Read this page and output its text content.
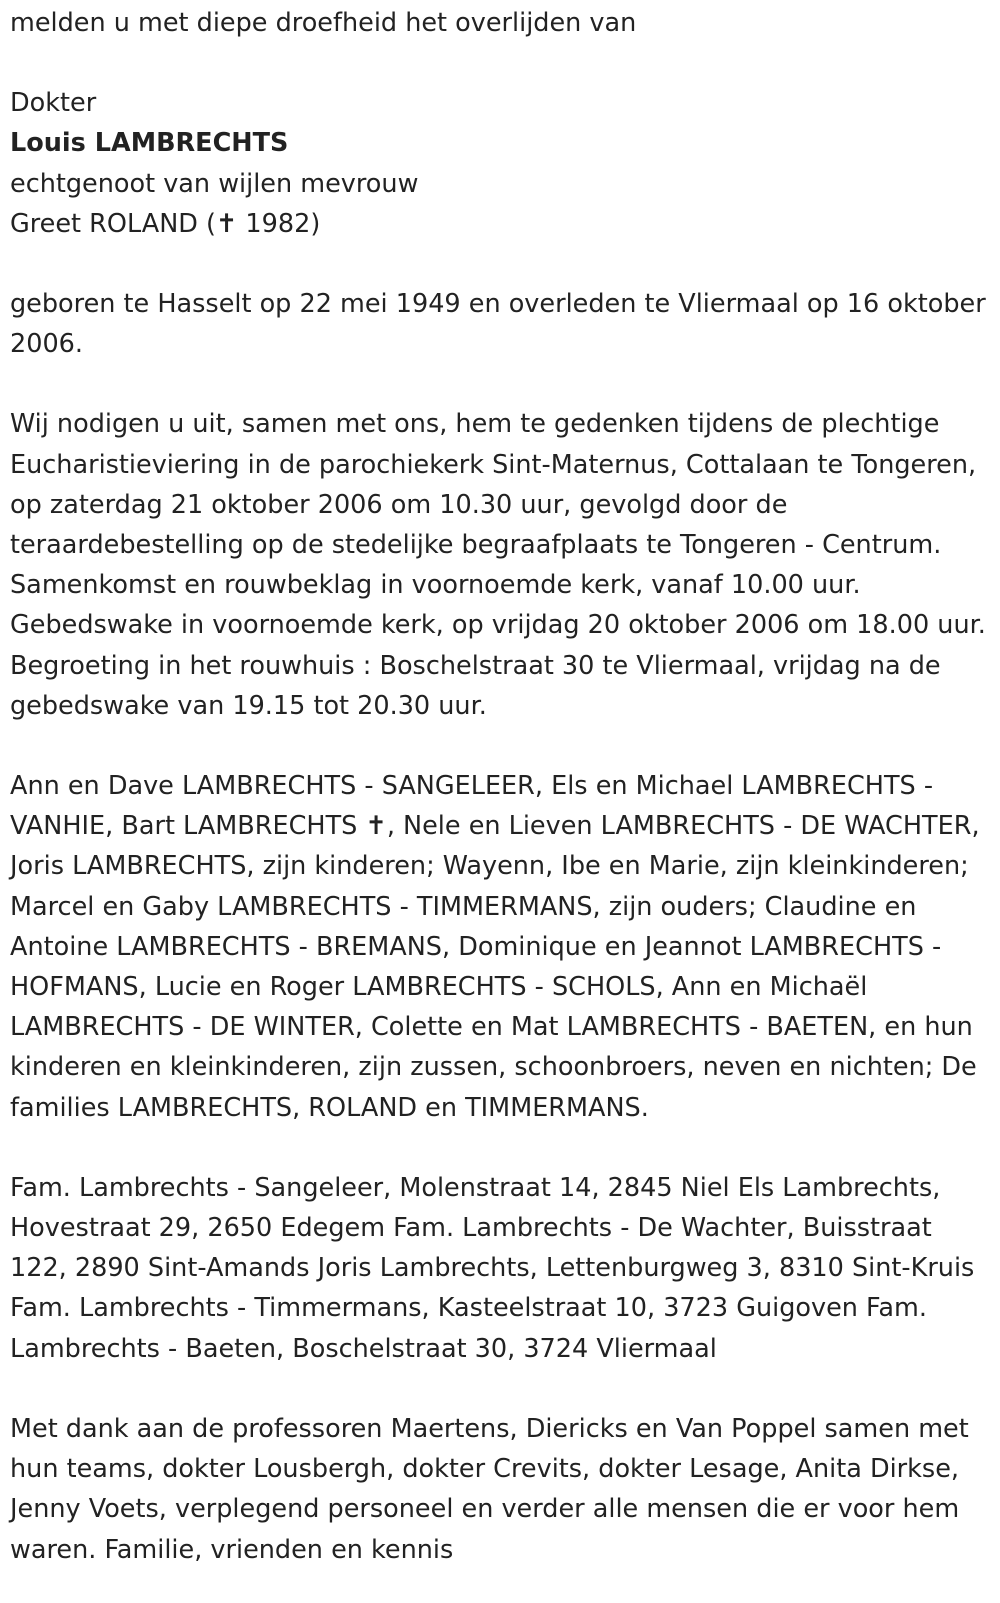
melden u met diepe droefheid het overlijden van

Dokter

Louis LAMBRECHTS

echtgenoot van wijlen mevrouw

Greet ROLAND (✝ 1982)

geboren te Hasselt op 22 mei 1949 en overleden te Vliermaal op 16 oktober 2006.

Wij nodigen u uit, samen met ons, hem te gedenken tijdens de plechtige Eucharistieviering in de parochiekerk Sint-Maternus, Cottalaan te Tongeren, op zaterdag 21 oktober 2006 om 10.30 uur, gevolgd door de teraardebestelling op de stedelijke begraafplaats te Tongeren - Centrum. Samenkomst en rouwbeklag in voornoemde kerk, vanaf 10.00 uur. Gebedswake in voornoemde kerk, op vrijdag 20 oktober 2006 om 18.00 uur. Begroeting in het rouwhuis : Boschelstraat 30 te Vliermaal, vrijdag na de gebedswake van 19.15 tot 20.30 uur.

Ann en Dave LAMBRECHTS - SANGELEER, Els en Michael LAMBRECHTS - VANHIE, Bart LAMBRECHTS ✝, Nele en Lieven LAMBRECHTS - DE WACHTER, Joris LAMBRECHTS, zijn kinderen; Wayenn, Ibe en Marie, zijn kleinkinderen; Marcel en Gaby LAMBRECHTS - TIMMERMANS, zijn ouders; Claudine en Antoine LAMBRECHTS - BREMANS, Dominique en Jeannot LAMBRECHTS - HOFMANS, Lucie en Roger LAMBRECHTS - SCHOLS, Ann en Michaël LAMBRECHTS - DE WINTER, Colette en Mat LAMBRECHTS - BAETEN, en hun kinderen en kleinkinderen, zijn zussen, schoonbroers, neven en nichten; De families LAMBRECHTS, ROLAND en TIMMERMANS.

Fam. Lambrechts - Sangeleer, Molenstraat 14, 2845 Niel Els Lambrechts, Hovestraat 29, 2650 Edegem Fam. Lambrechts - De Wachter, Buisstraat 122, 2890 Sint-Amands Joris Lambrechts, Lettenburgweg 3, 8310 Sint-Kruis Fam. Lambrechts - Timmermans, Kasteelstraat 10, 3723 Guigoven Fam. Lambrechts - Baeten, Boschelstraat 30, 3724 Vliermaal

Met dank aan de professoren Maertens, Diericks en Van Poppel samen met hun teams, dokter Lousbergh, dokter Crevits, dokter Lesage, Anita Dirkse, Jenny Voets, verplegend personeel en verder alle mensen die er voor hem waren. Familie, vrienden en kennis
